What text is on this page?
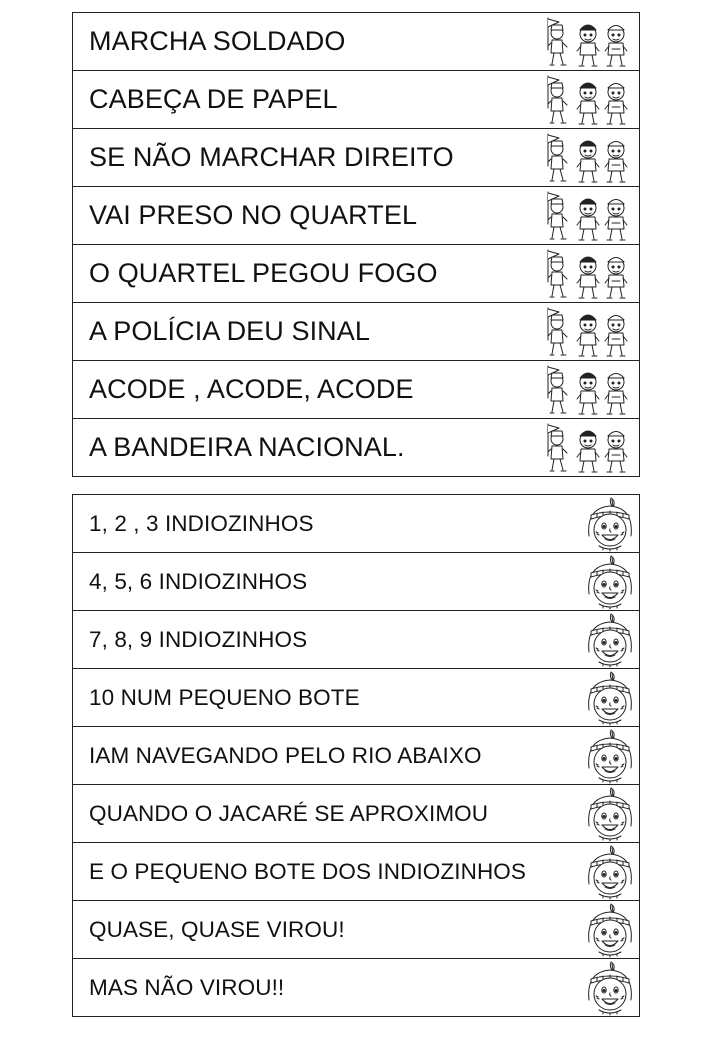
MARCHA SOLDADO
CABEÇA DE PAPEL
SE NÃO MARCHAR DIREITO
VAI PRESO NO QUARTEL
O QUARTEL PEGOU FOGO
A POLÍCIA DEU SINAL
ACODE , ACODE, ACODE
A BANDEIRA NACIONAL.
1, 2 , 3 INDIOZINHOS
4, 5, 6 INDIOZINHOS
7, 8, 9 INDIOZINHOS
10 NUM PEQUENO BOTE
IAM NAVEGANDO PELO RIO ABAIXO
QUANDO O JACARÉ SE APROXIMOU
E O PEQUENO BOTE DOS INDIOZINHOS
QUASE, QUASE VIROU!
MAS NÃO VIROU!!
